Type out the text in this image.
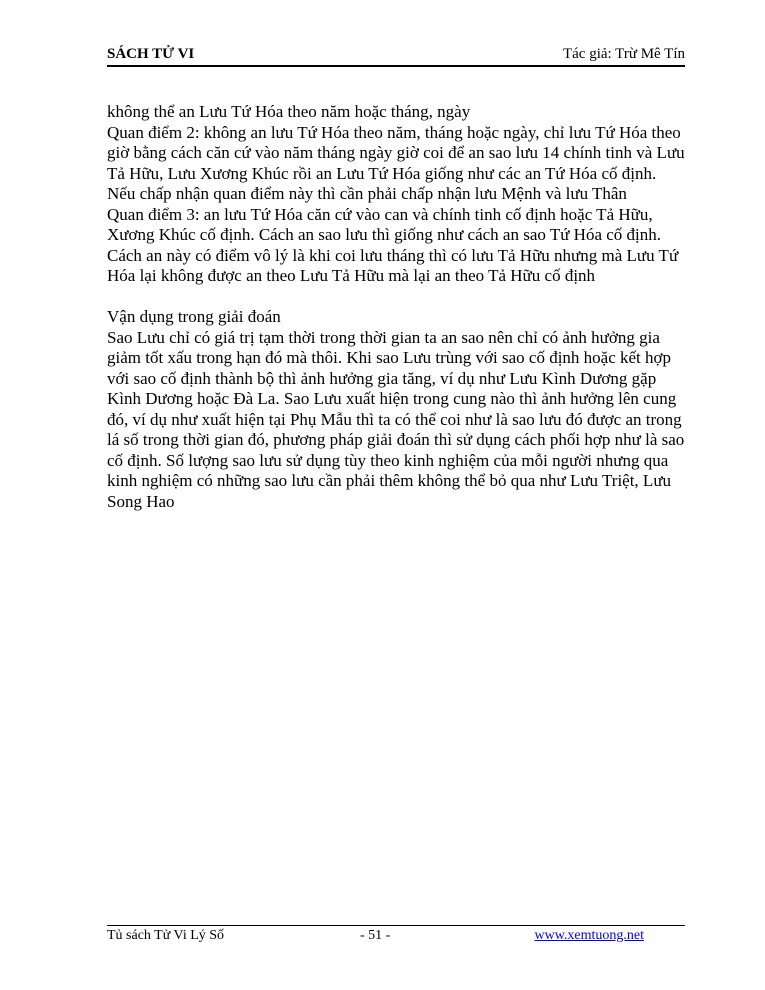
SÁCH TỬ VI	Tác giả: Trừ Mê Tín

không thể an Lưu Tứ Hóa theo năm hoặc tháng, ngày

Quan điểm 2: không an lưu Tứ Hóa theo năm, tháng hoặc ngày, chỉ lưu Tứ Hóa theo giờ bằng cách căn cứ vào năm tháng ngày giờ coi để an sao lưu 14 chính tinh và Lưu Tả Hữu, Lưu Xương Khúc rồi an Lưu Tứ Hóa giống như các an Tứ Hóa cố định. Nếu chấp nhận quan điểm này thì cần phải chấp nhận lưu Mệnh và lưu Thân

Quan điểm 3: an lưu Tứ Hóa căn cứ vào can và chính tinh cố định hoặc Tả Hữu, Xương Khúc cố định. Cách an sao lưu thì giống như cách an sao Tứ Hóa cố định. Cách an này có điểm vô lý là khi coi lưu tháng thì có lưu Tả Hữu nhưng mà Lưu Tứ Hóa lại không được an theo Lưu Tả Hữu mà lại an theo Tả Hữu cố định

Vận dụng trong giải đoán

Sao Lưu chỉ có giá trị tạm thời trong thời gian ta an sao nên chỉ có ảnh hưởng gia giảm tốt xấu trong hạn đó mà thôi. Khi sao Lưu trùng với sao cố định hoặc kết hợp với sao cố định thành bộ thì ảnh hưởng gia tăng, ví dụ như Lưu Kình Dương gặp Kình Dương hoặc Đà La. Sao Lưu xuất hiện trong cung nào thì ảnh hưởng lên cung đó, ví dụ như xuất hiện tại Phụ Mẫu thì ta có thể coi như là sao lưu đó được an trong lá số trong thời gian đó, phương pháp giải đoán thì sử dụng cách phối hợp như là sao cố định. Số lượng sao lưu sử dụng tùy theo kinh nghiệm của mỗi người nhưng qua kinh nghiệm có những sao lưu cần phải thêm không thể bỏ qua như Lưu Triệt, Lưu Song Hao

Tủ sách Tử Vi Lý Số	- 51 -	www.xemtuong.net
